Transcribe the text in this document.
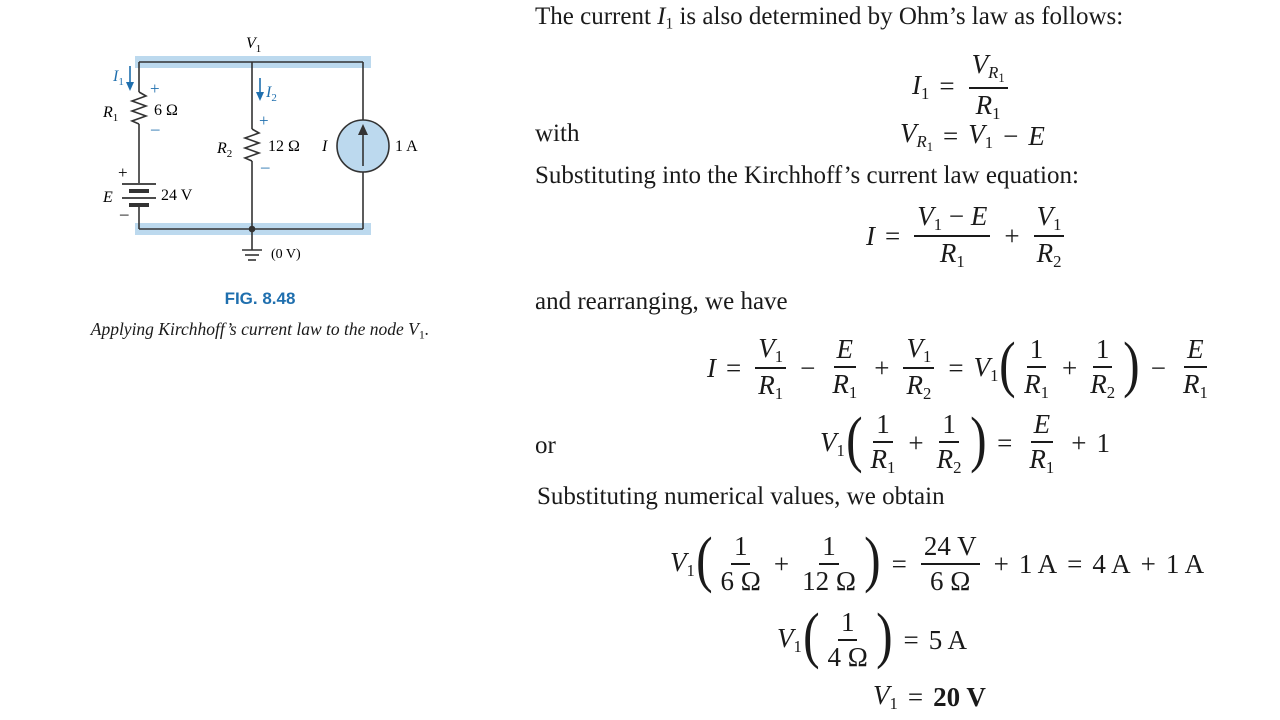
$V_1$
$I_1$
$I_2$
+
–
$R_1$ 6 Ω
+
–
$R_2$ 12 Ω
+
–
E	24 V
I	1 A
(0 V)
FIG. 8.48
Applying Kirchhoff’s current law to the node $V_1$.
The current $I_1$ is also determined by Ohm’s law as follows:
$I_1 = \frac{V_{R_1}}{R_1}$
with	$V_{R_1} = V_1 - E$
Substituting into the Kirchhoff’s current law equation:
$I = \frac{V_1 - E}{R_1} + \frac{V_1}{R_2}$
and rearranging, we have
$I = \frac{V_1}{R_1} - \frac{E}{R_1} + \frac{V_1}{R_2} = V_1$ ( $\frac{1}{R_1} + \frac{1}{R_2}$ ) − $\frac{E}{R_1}$
or	$V_1$ ( $\frac{1}{R_1} + \frac{1}{R_2}$ ) = $\frac{E}{R_1} + 1$
Substituting numerical values, we obtain
$V_1$ ( $\frac{1}{6 \Omega} + \frac{1}{12 \Omega}$ ) = $\frac{24 V}{6 \Omega} + 1$ A = 4 A + 1 A
$V_1$ ( $\frac{1}{4 \Omega}$ ) = 5 A
$V_1 = 20$ V
